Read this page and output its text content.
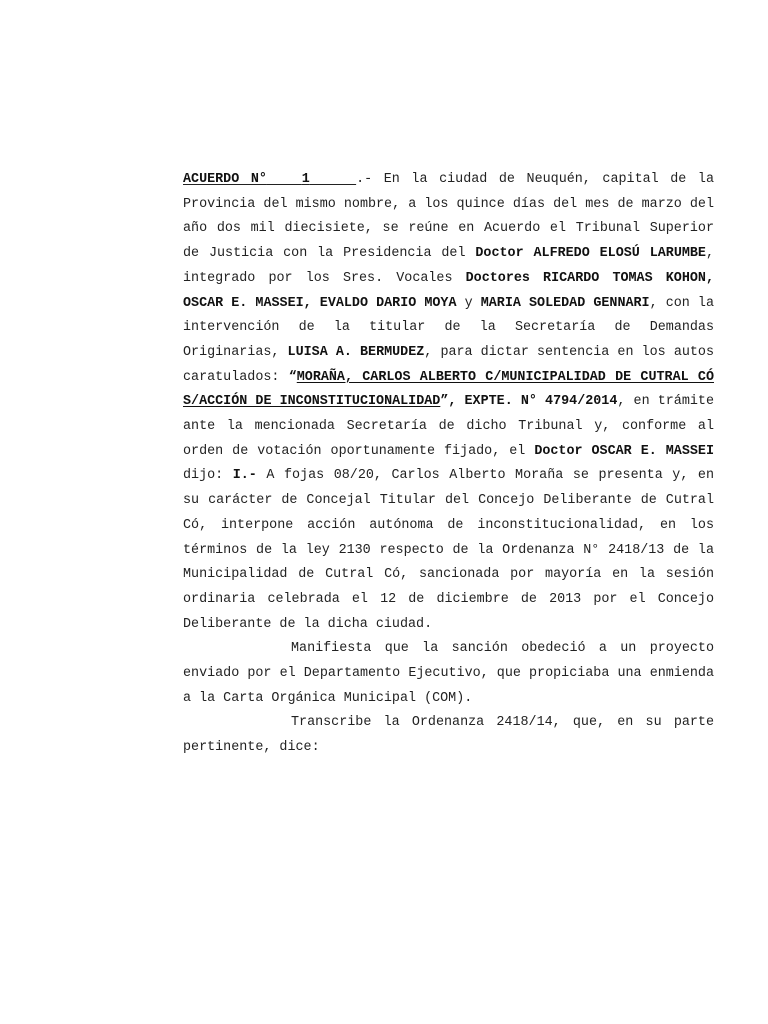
ACUERDO N°	1	.- En la ciudad de Neuquén, capital de la Provincia del mismo nombre, a los quince días del mes de marzo del año dos mil diecisiete, se reúne en Acuerdo el Tribunal Superior de Justicia con la Presidencia del Doctor ALFREDO ELOSÚ LARUMBE, integrado por los Sres. Vocales Doctores RICARDO TOMAS KOHON, OSCAR E. MASSEI, EVALDO DARIO MOYA y MARIA SOLEDAD GENNARI, con la intervención de la titular de la Secretaría de Demandas Originarias, LUISA A. BERMUDEZ, para dictar sentencia en los autos caratulados: “MORAÑA, CARLOS ALBERTO C/MUNICIPALIDAD DE CUTRAL CÓ S/ACCIÓN DE INCONSTITUCIONALIDAD”, EXPTE. N° 4794/2014, en trámite ante la mencionada Secretaría de dicho Tribunal y, conforme al orden de votación oportunamente fijado, el Doctor OSCAR E. MASSEI dijo: I.- A fojas 08/20, Carlos Alberto Moraña se presenta y, en su carácter de Concejal Titular del Concejo Deliberante de Cutral Có, interpone acción autónoma de inconstitucionalidad, en los términos de la ley 2130 respecto de la Ordenanza N° 2418/13 de la Municipalidad de Cutral Có, sancionada por mayoría en la sesión ordinaria celebrada el 12 de diciembre de 2013 por el Concejo Deliberante de la dicha ciudad.

Manifiesta que la sanción obedeció a un proyecto enviado por el Departamento Ejecutivo, que propiciaba una enmienda a la Carta Orgánica Municipal (COM).

Transcribe la Ordenanza 2418/14, que, en su parte pertinente, dice:
